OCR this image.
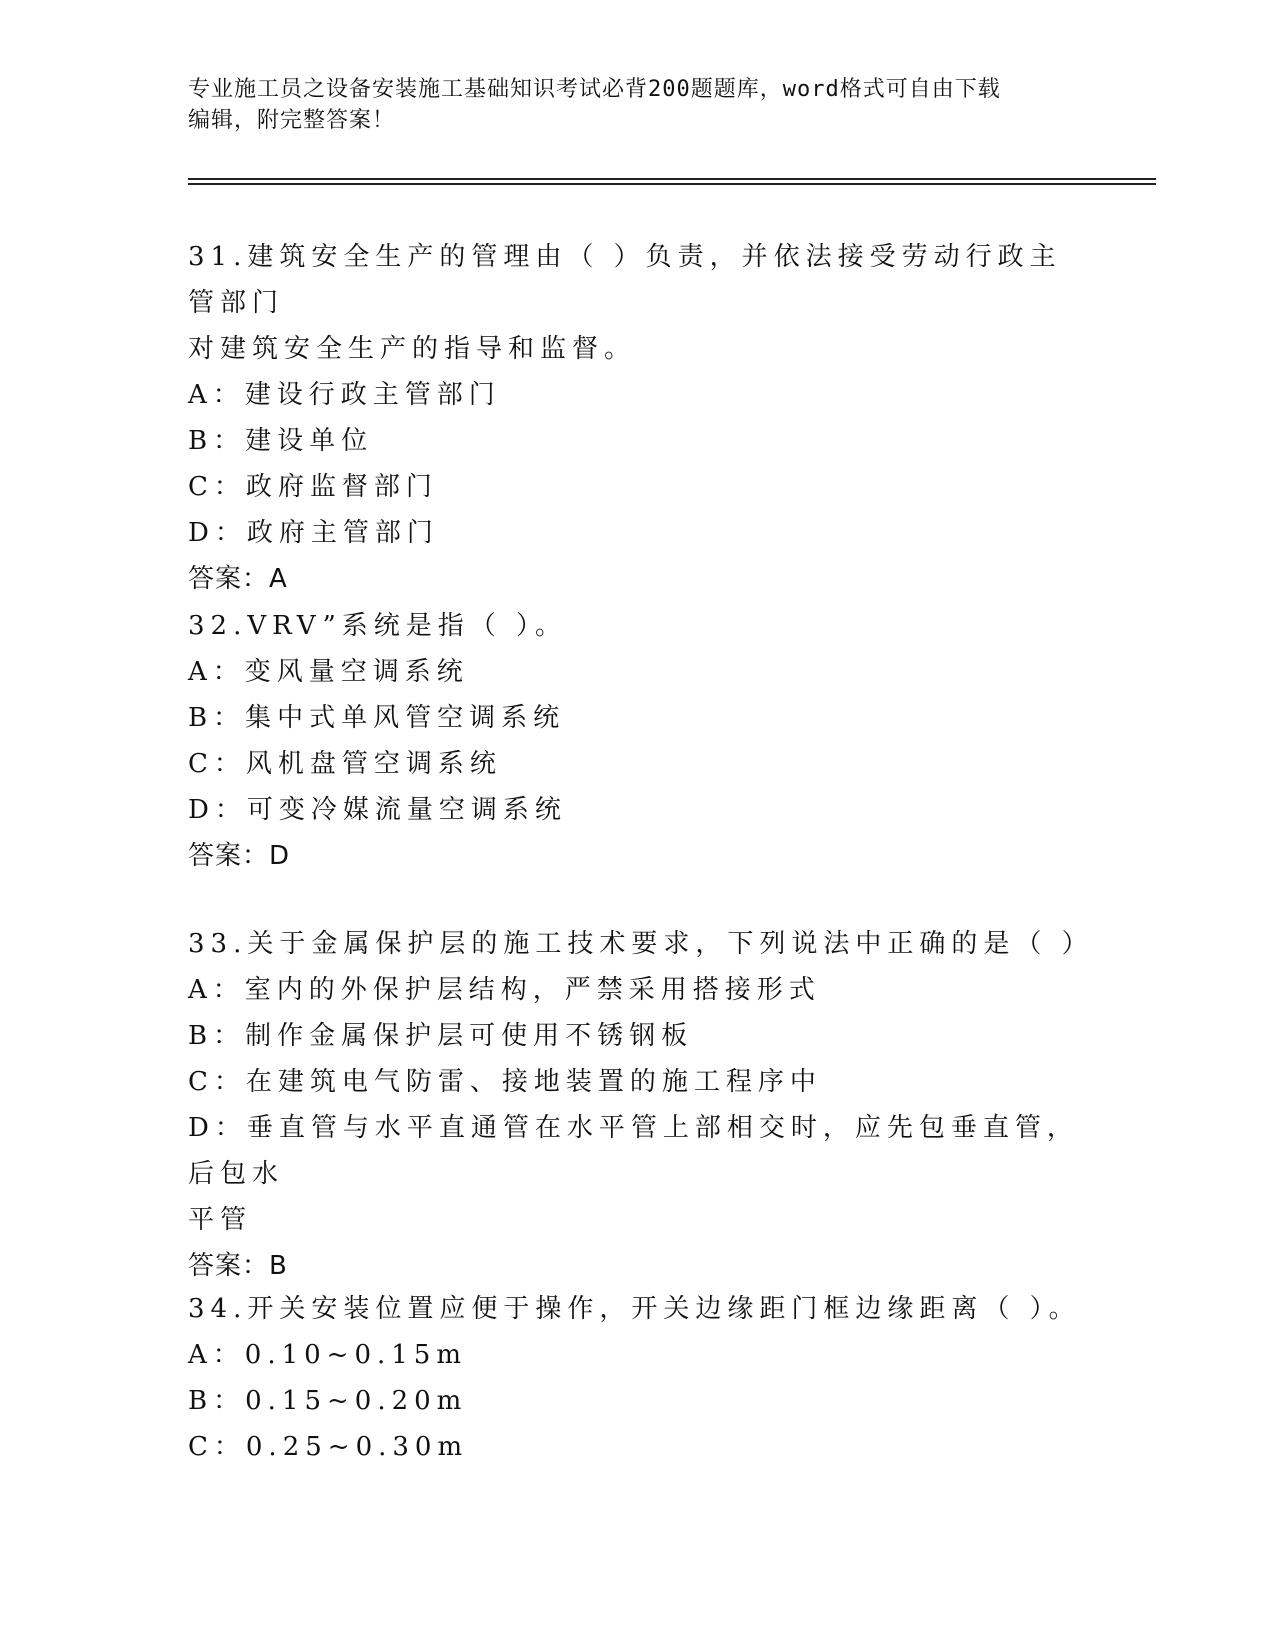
专业施工员之设备安装施工基础知识考试必背200题题库，word格式可自由下载
编辑，附完整答案！
31.建筑安全生产的管理由（ ）负责，并依法接受劳动行政主管部门
对建筑安全生产的指导和监督。
A：建设行政主管部门
B：建设单位
C：政府监督部门
D：政府主管部门
答案：A
32.VRV”系统是指（ ）。
A：变风量空调系统
B：集中式单风管空调系统
C：风机盘管空调系统
D：可变冷媒流量空调系统
答案：D
33.关于金属保护层的施工技术要求，下列说法中正确的是（ ）
A：室内的外保护层结构，严禁采用搭接形式
B：制作金属保护层可使用不锈钢板
C：在建筑电气防雷、接地装置的施工程序中
D：垂直管与水平直通管在水平管上部相交时，应先包垂直管，后包水
平管
答案：B
34.开关安装位置应便于操作，开关边缘距门框边缘距离（ ）。
A：0.10~0.15m
B：0.15~0.20m
C：0.25~0.30m
